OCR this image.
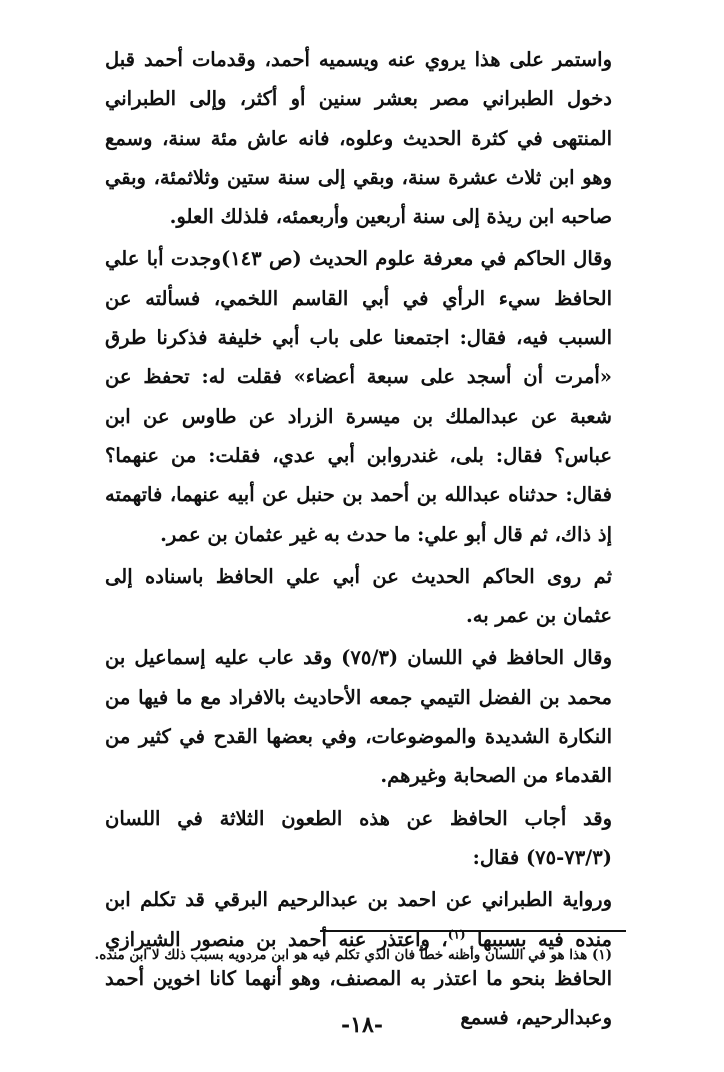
واستمر على هذا يروي عنه ويسميه أحمد، وقدمات أحمد قبل دخول الطبراني مصر بعشر سنين أو أكثر، وإلى الطبراني المنتهى في كثرة الحديث وعلوه، فانه عاش مئة سنة، وسمع وهو ابن ثلاث عشرة سنة، وبقي إلى سنة ستين وثلاثمئة، وبقي صاحبه ابن ريذة إلى سنة أربعين وأربعمئه، فلذلك العلو.

وقال الحاكم في معرفة علوم الحديث (ص ١٤٣)وجدت أبا علي الحافظ سيء الرأي في أبي القاسم اللخمي، فسألته عن السبب فيه، فقال: اجتمعنا على باب أبي خليفة فذكرنا طرق «أمرت أن أسجد على سبعة أعضاء» فقلت له: تحفظ عن شعبة عن عبدالملك بن ميسرة الزراد عن طاوس عن ابن عباس؟ فقال: بلى، غندروابن أبي عدي، فقلت: من عنهما؟ فقال: حدثناه عبدالله بن أحمد بن حنبل عن أبيه عنهما، فاتهمته إذ ذاك، ثم قال أبو علي: ما حدث به غير عثمان بن عمر.

ثم روى الحاكم الحديث عن أبي علي الحافظ باسناده إلى عثمان بن عمر به.

وقال الحافظ في اللسان (٧٥/٣) وقد عاب عليه إسماعيل بن محمد بن الفضل التيمي جمعه الأحاديث بالافراد مع ما فيها من النكارة الشديدة والموضوعات، وفي بعضها القدح في كثير من القدماء من الصحابة وغيرهم.

وقد أجاب الحافظ عن هذه الطعون الثلاثة في اللسان (٧٣/٣-٧٥) فقال:

ورواية الطبراني عن احمد بن عبدالرحيم البرقي قد تكلم ابن منده فيه بسببها $^{(١)}$، واعتذر عنه أحمد بن منصور الشيرازي الحافظ بنحو ما اعتذر به المصنف، وهو أنهما كانا اخوين أحمد وعبدالرحيم، فسمع

(١) هذا هو في اللسان وأظنه خطأ فان الذي تكلم فيه هو ابن مردويه بسبب ذلك لا ابن منده.
-١٨-
